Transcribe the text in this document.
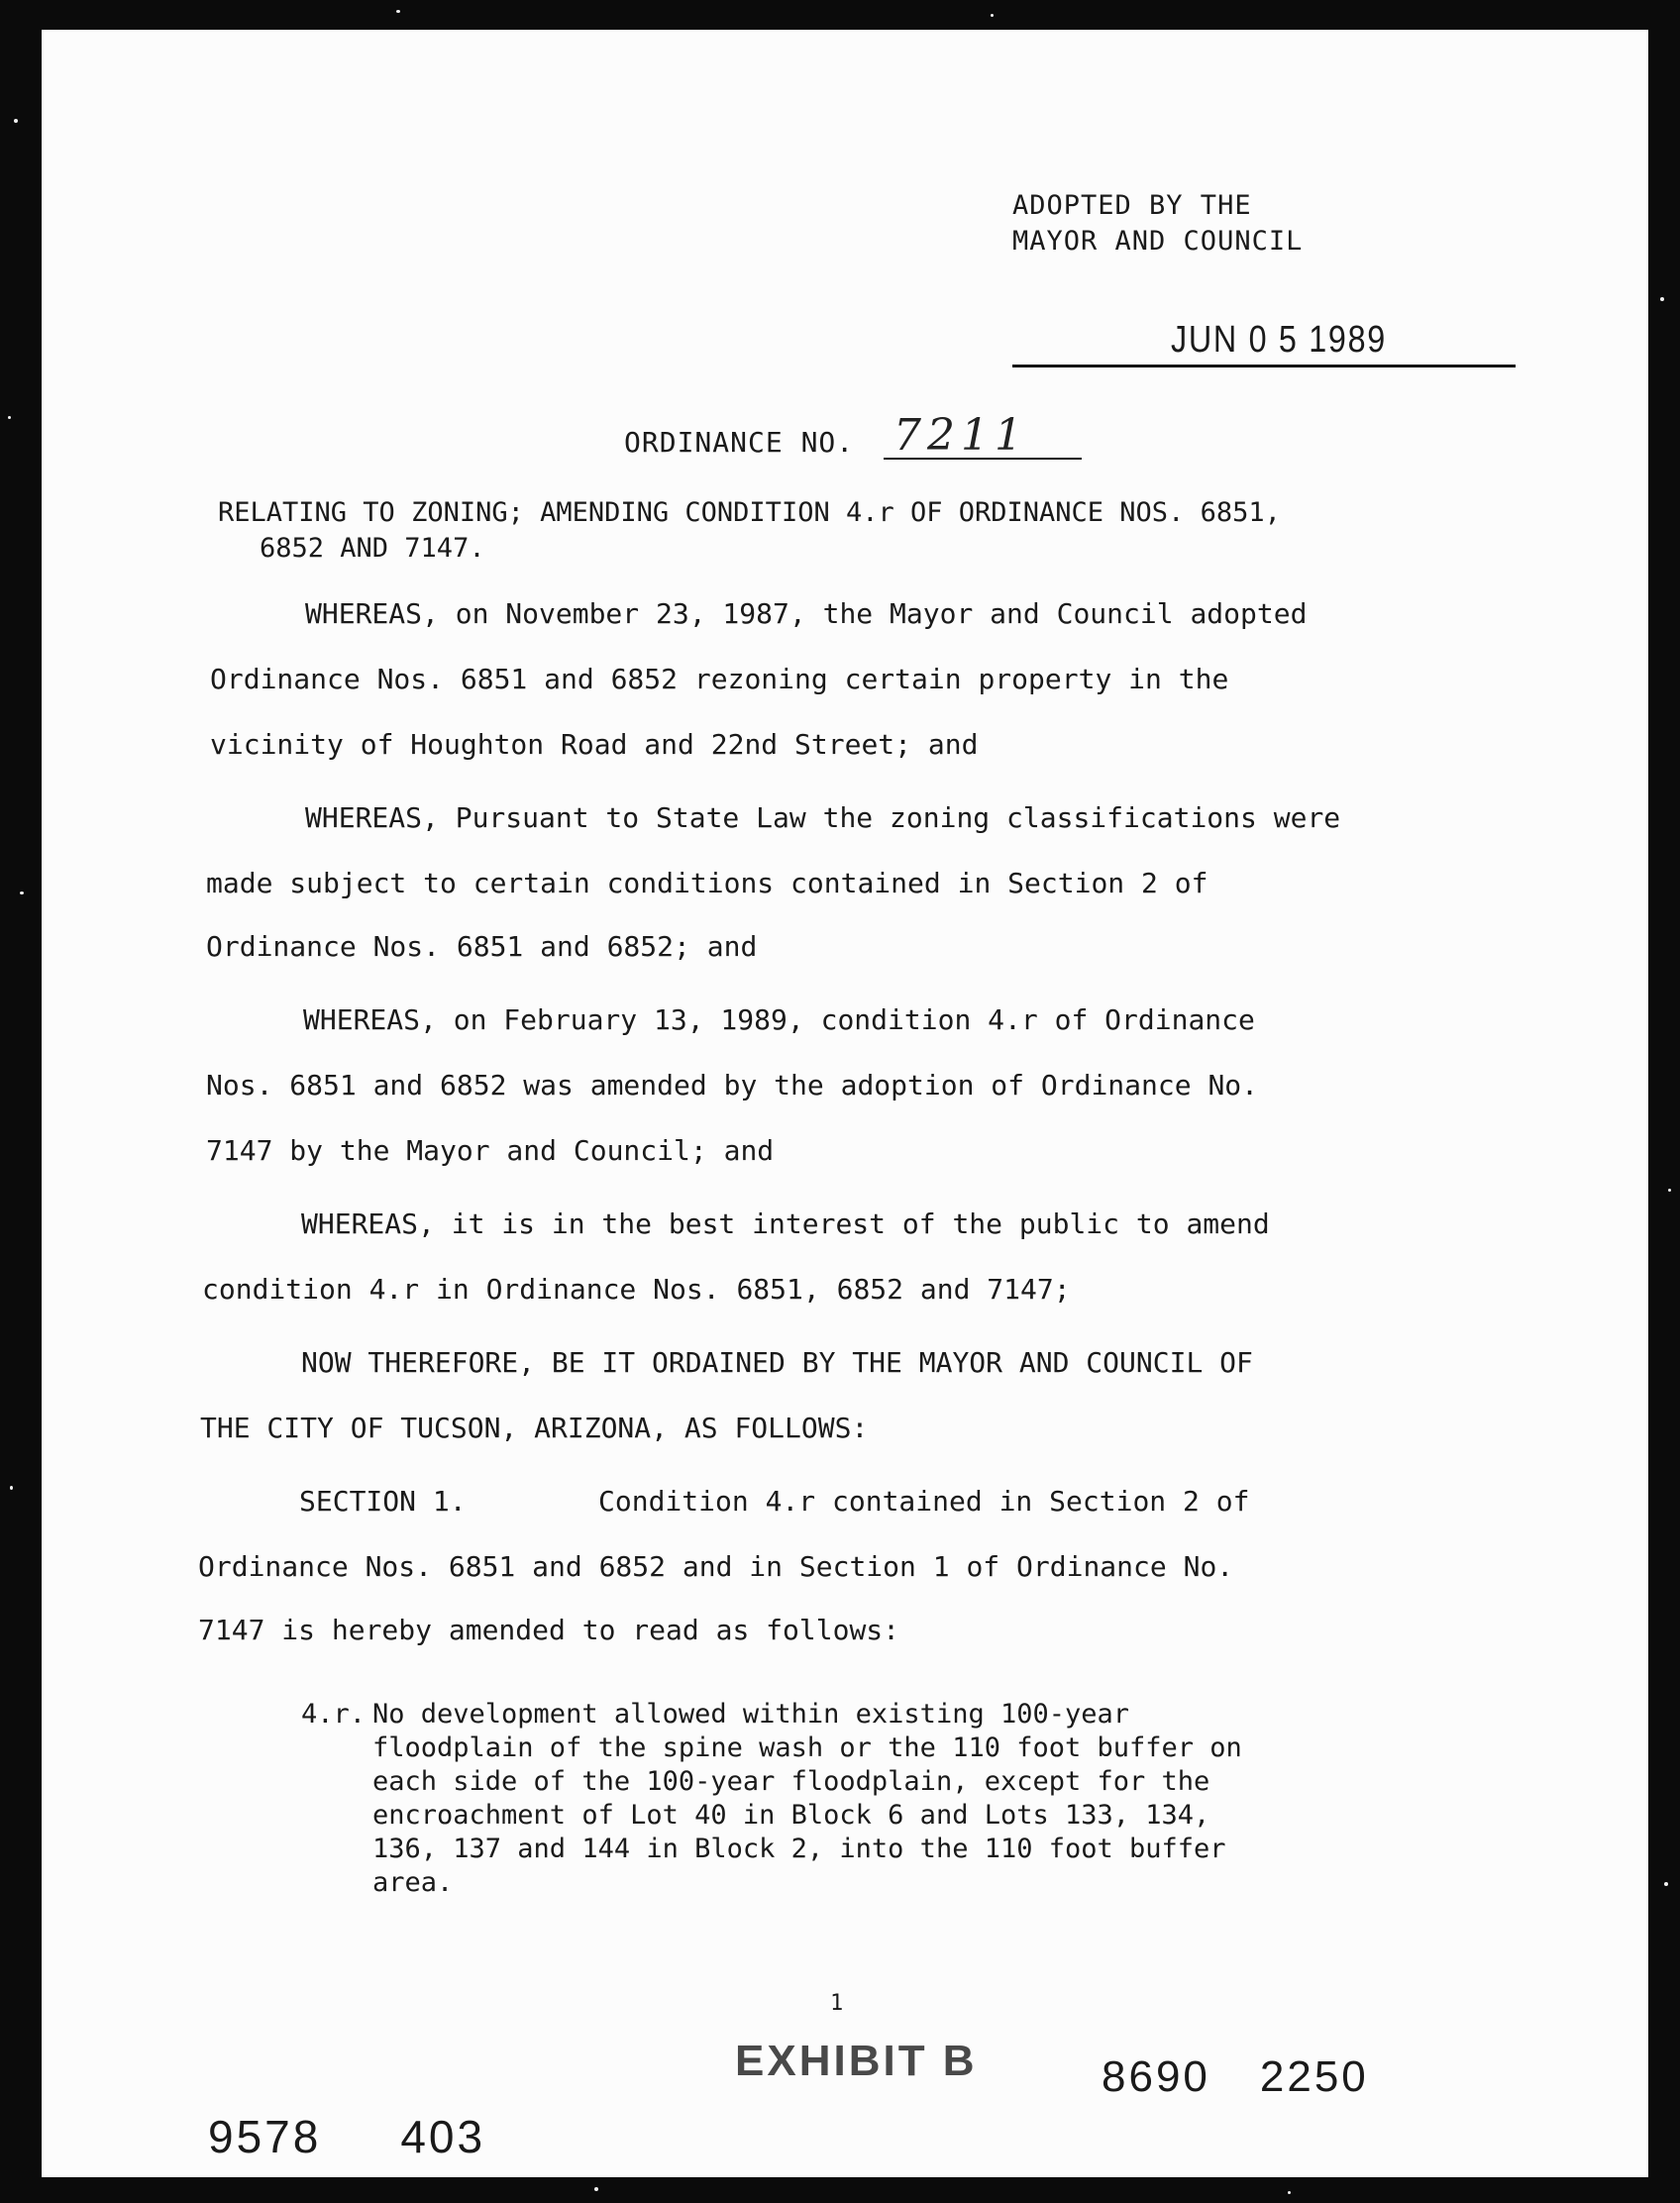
ADOPTED BY THE
MAYOR AND COUNCIL
JUN 0 5 1989
ORDINANCE NO. 7211
RELATING TO ZONING; AMENDING CONDITION 4.r OF ORDINANCE NOS. 6851,
6852 AND 7147.
WHEREAS, on November 23, 1987, the Mayor and Council adopted
Ordinance Nos. 6851 and 6852 rezoning certain property in the
vicinity of Houghton Road and 22nd Street; and
WHEREAS, Pursuant to State Law the zoning classifications were
made subject to certain conditions contained in Section 2 of
Ordinance Nos. 6851 and 6852; and
WHEREAS, on February 13, 1989, condition 4.r of Ordinance
Nos. 6851 and 6852 was amended by the adoption of Ordinance No.
7147 by the Mayor and Council; and
WHEREAS, it is in the best interest of the public to amend
condition 4.r in Ordinance Nos. 6851, 6852 and 7147;
NOW THEREFORE, BE IT ORDAINED BY THE MAYOR AND COUNCIL OF
THE CITY OF TUCSON, ARIZONA, AS FOLLOWS:
SECTION 1.	Condition 4.r contained in Section 2 of
Ordinance Nos. 6851 and 6852 and in Section 1 of Ordinance No.
7147 is hereby amended to read as follows:
4.r. No development allowed within existing 100-year
floodplain of the spine wash or the 110 foot buffer on
each side of the 100-year floodplain, except for the
encroachment of Lot 40 in Block 6 and Lots 133, 134,
136, 137 and 144 in Block 2, into the 110 foot buffer
area.
1
EXHIBIT B	8690 2250
9578 403
